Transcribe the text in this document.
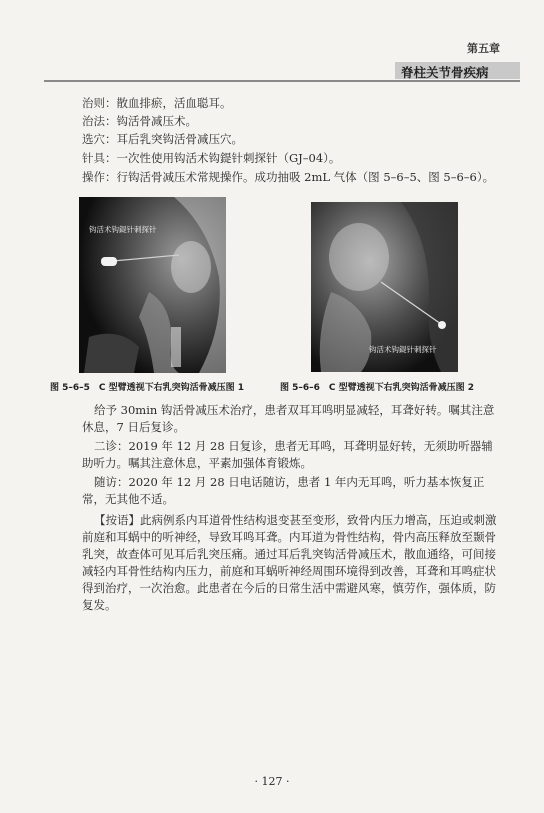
第五章
脊柱关节骨疾病
治则：散血排瘀，活血聪耳。
治法：钩活骨减压术。
选穴：耳后乳突钩活骨减压穴。
针具：一次性使用钩活术钩鍉针刺探针（GJ–04）。
操作：行钩活骨减压术常规操作。成功抽吸 2mL 气体（图 5–6–5、图 5–6–6）。
钩活术钩鍉针刺探针
图 5–6–5　C 型臂透视下右乳突钩活骨减压图 1
钩活术钩鍉针刺探针
图 5–6–6　C 型臂透视下右乳突钩活骨减压图 2
给予 30min 钩活骨减压术治疗，患者双耳耳鸣明显减轻，耳聋好转。嘱其注意休息，7 日后复诊。
二诊：2019 年 12 月 28 日复诊，患者无耳鸣，耳聋明显好转，无须助听器辅助听力。嘱其注意休息，平素加强体育锻炼。
随访：2020 年 12 月 28 日电话随访，患者 1 年内无耳鸣，听力基本恢复正常，无其他不适。
【按语】此病例系内耳道骨性结构退变甚至变形，致骨内压力增高，压迫或刺激前庭和耳蜗中的听神经，导致耳鸣耳聋。内耳道为骨性结构，骨内高压释放至颞骨乳突，故查体可见耳后乳突压痛。通过耳后乳突钩活骨减压术，散血通络，可间接减轻内耳骨性结构内压力，前庭和耳蜗听神经周围环境得到改善，耳聋和耳鸣症状得到治疗，一次治愈。此患者在今后的日常生活中需避风寒，慎劳作，强体质，防复发。
· 127 ·
